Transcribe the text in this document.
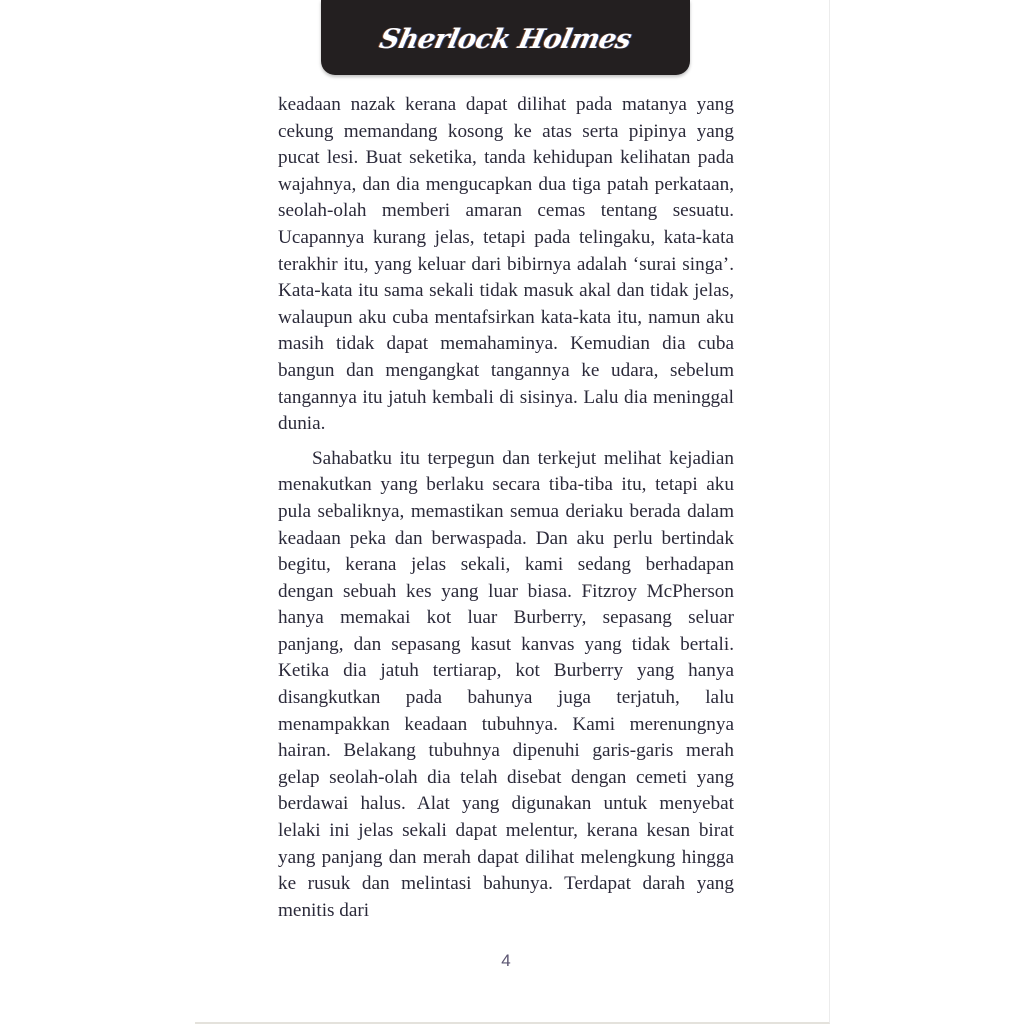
Sherlock Holmes

keadaan nazak kerana dapat dilihat pada matanya yang cekung memandang kosong ke atas serta pipinya yang pucat lesi. Buat seketika, tanda kehidupan kelihatan pada wajahnya, dan dia mengucapkan dua tiga patah perkataan, seolah-olah memberi amaran cemas tentang sesuatu. Ucapannya kurang jelas, tetapi pada telingaku, kata-kata terakhir itu, yang keluar dari bibirnya adalah ‘surai singa’. Kata-kata itu sama sekali tidak masuk akal dan tidak jelas, walaupun aku cuba mentafsirkan kata-kata itu, namun aku masih tidak dapat memahaminya. Kemudian dia cuba bangun dan mengangkat tangannya ke udara, sebelum tangannya itu jatuh kembali di sisinya. Lalu dia meninggal dunia.

Sahabatku itu terpegun dan terkejut melihat kejadian menakutkan yang berlaku secara tiba-tiba itu, tetapi aku pula sebaliknya, memastikan semua deriaku berada dalam keadaan peka dan berwaspada. Dan aku perlu bertindak begitu, kerana jelas sekali, kami sedang berhadapan dengan sebuah kes yang luar biasa. Fitzroy McPherson hanya memakai kot luar Burberry, sepasang seluar panjang, dan sepasang kasut kanvas yang tidak bertali. Ketika dia jatuh tertiarap, kot Burberry yang hanya disangkutkan pada bahunya juga terjatuh, lalu menampakkan keadaan tubuhnya. Kami merenungnya hairan. Belakang tubuhnya dipenuhi garis-garis merah gelap seolah-olah dia telah disebat dengan cemeti yang berdawai halus. Alat yang digunakan untuk menyebat lelaki ini jelas sekali dapat melentur, kerana kesan birat yang panjang dan merah dapat dilihat melengkung hingga ke rusuk dan melintasi bahunya. Terdapat darah yang menitis dari

4
